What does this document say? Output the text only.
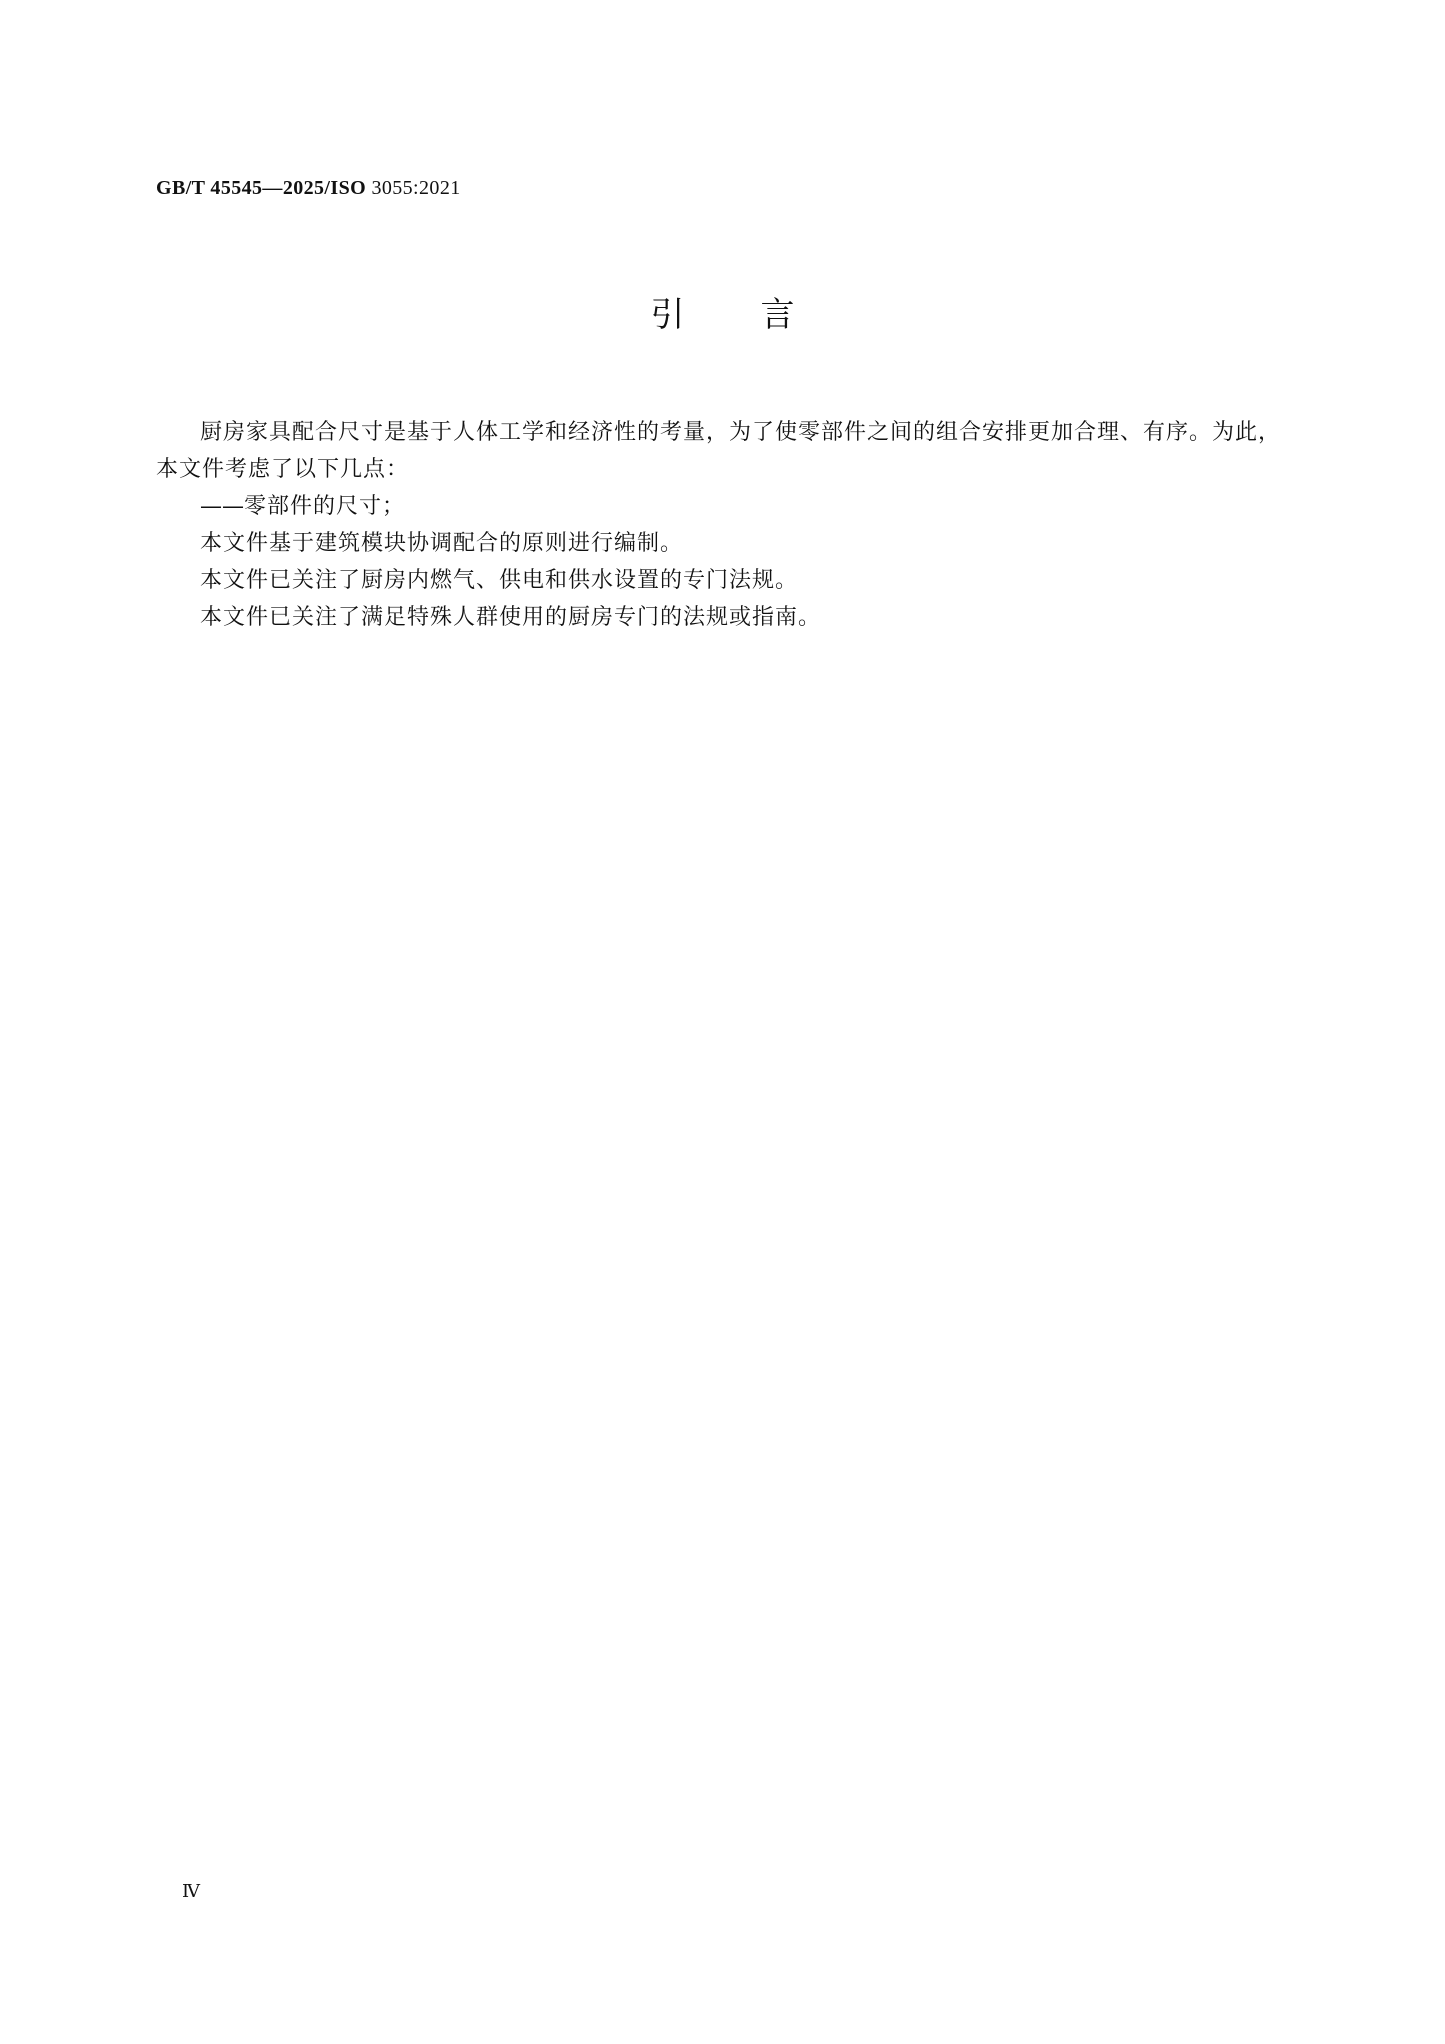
GB/T 45545—2025/ISO 3055:2021
引言

厨房家具配合尺寸是基于人体工学和经济性的考量，为了使零部件之间的组合安排更加合理、有序。为此，本文件考虑了以下几点：

——零部件的尺寸；

本文件基于建筑模块协调配合的原则进行编制。

本文件已关注了厨房内燃气、供电和供水设置的专门法规。

本文件已关注了满足特殊人群使用的厨房专门的法规或指南。

Ⅳ
